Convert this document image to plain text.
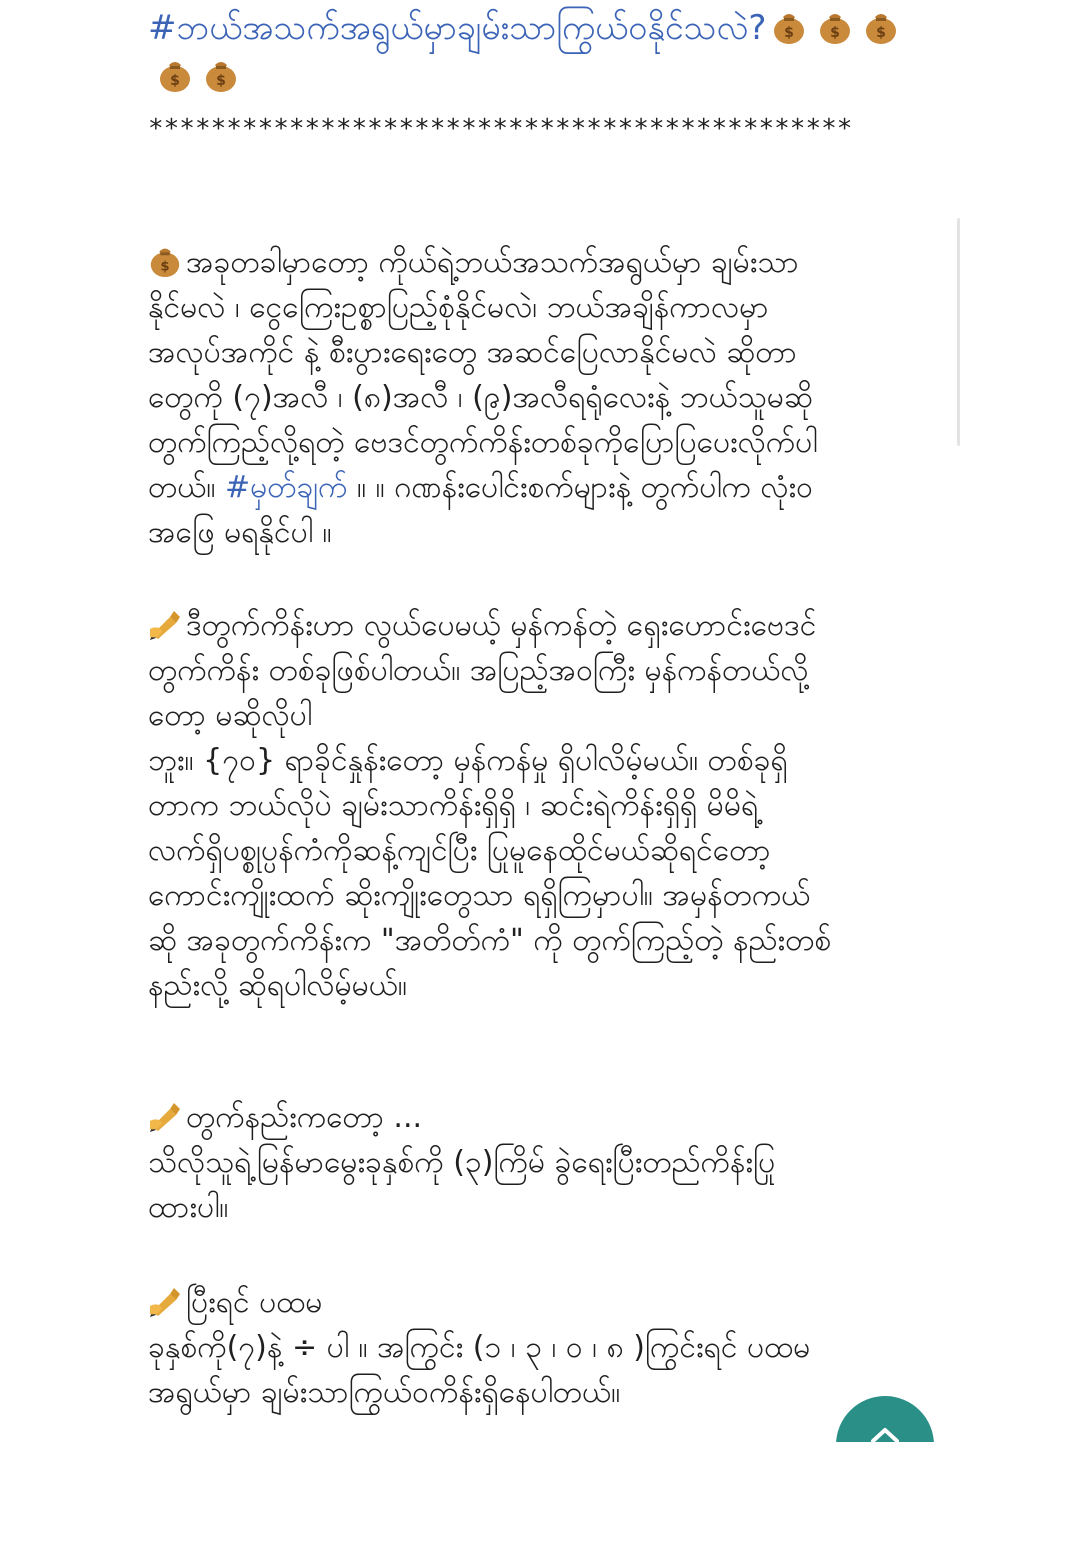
#ဘယ်အသက်အရွယ်မှာချမ်းသာကြွယ်ဝနိုင်သလဲ? $	$	$
$	$
*********************************************
$ အခုတခါမှာတော့ ကိုယ်ရဲ့ဘယ်အသက်အရွယ်မှာ ချမ်းသာ
နိုင်မလဲ ၊ ငွေကြေးဥစ္စာပြည့်စုံနိုင်မလဲ၊ ဘယ်အချိန်ကာလမှာ
အလုပ်အကိုင် နဲ့ စီးပွားရေးတွေ အဆင်ပြေလာနိုင်မလဲ ဆိုတာ
တွေကို (၇)အလီ ၊ (၈)အလီ ၊ (၉)အလီရရုံလေးနဲ့ ဘယ်သူမဆို
တွက်ကြည့်လို့ရတဲ့ ဗေဒင်တွက်ကိန်းတစ်ခုကိုပြောပြပေးလိုက်ပါ
တယ်။ #မှတ်ချက် ။ ။ ဂဏန်းပေါင်းစက်များနဲ့ တွက်ပါက လုံးဝ
အဖြေ မရနိုင်ပါ ။
ဒီတွက်ကိန်းဟာ လွယ်ပေမယ့် မှန်ကန်တဲ့ ရှေးဟောင်းဗေဒင်
တွက်ကိန်း တစ်ခုဖြစ်ပါတယ်။ အပြည့်အဝကြီး မှန်ကန်တယ်လို့
တော့ မဆိုလိုပါ
ဘူး။ {၇၀} ရာခိုင်နှုန်းတော့ မှန်ကန်မှု ရှိပါလိမ့်မယ်။ တစ်ခုရှိ
တာက ဘယ်လိုပဲ ချမ်းသာကိန်းရှိရှိ ၊ ဆင်းရဲကိန်းရှိရှိ မိမိရဲ့
လက်ရှိပစ္စုပ္ပန်ကံကိုဆန့်ကျင်ပြီး ပြုမူနေထိုင်မယ်ဆိုရင်တော့
ကောင်းကျိုးထက် ဆိုးကျိုးတွေသာ ရရှိကြမှာပါ။ အမှန်တကယ်
ဆို အခုတွက်ကိန်းက "အတိတ်ကံ" ကို တွက်ကြည့်တဲ့ နည်းတစ်
နည်းလို့ ဆိုရပါလိမ့်မယ်။
တွက်နည်းကတော့ ...
သိလိုသူရဲ့မြန်မာမွေးခုနှစ်ကို (၃)ကြိမ် ခွဲရေးပြီးတည်ကိန်းပြု
ထားပါ။
ပြီးရင် ပထမ
ခုနှစ်ကို(၇)နဲ့ ÷ ပါ ။ အကြွင်း (၁ ၊ ၃ ၊ ၀ ၊ ၈ )ကြွင်းရင် ပထမ
အရွယ်မှာ ချမ်းသာကြွယ်ဝကိန်းရှိနေပါတယ်။
